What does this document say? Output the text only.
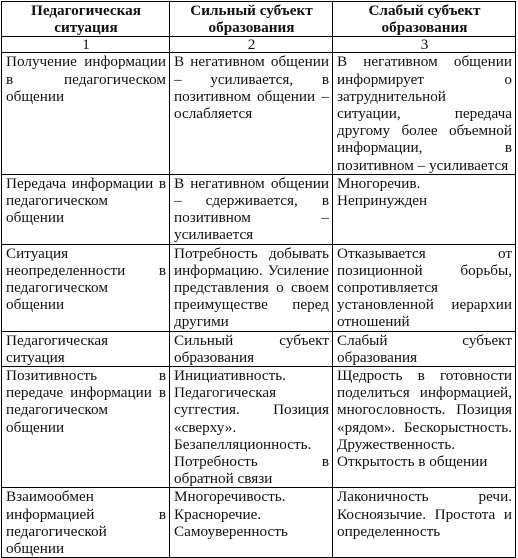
Педагогическая ситуация	Сильный субъект образования	Слабый субъект образования
1	2	3
Получение информации в педагогическом общении	В негативном общении – усиливается, в позитивном общении – ослабляется	В негативном общении информирует о затруднительной ситуации, передача другому более объемной информации, в позитивном – усиливается
Передача информации в педагогическом общении	В негативном общении – сдерживается, в позитивном – усиливается	Многоречив. Непринужден
Ситуация неопределенности в педагогическом общении	Потребность добывать информацию. Усиление представления о своем преимуществе перед другими	Отказывается от позиционной борьбы, сопротивляется установленной иерархии отношений
Педагогическая ситуация	Сильный субъект образования	Слабый субъект образования
Позитивность в передаче информации в педагогическом общении	Инициативность. Педагогическая суггестия. Позиция «сверху». Безапелляционность. Потребность в обратной связи	Щедрость в готовности поделиться информацией, многословность. Позиция «рядом». Бескорыстность. Дружественность. Открытость в общении
Взаимообмен информацией в педагогической общении	Многоречивость. Красноречие. Самоуверенность	Лаконичность речи. Косноязычие. Простота и определенность
